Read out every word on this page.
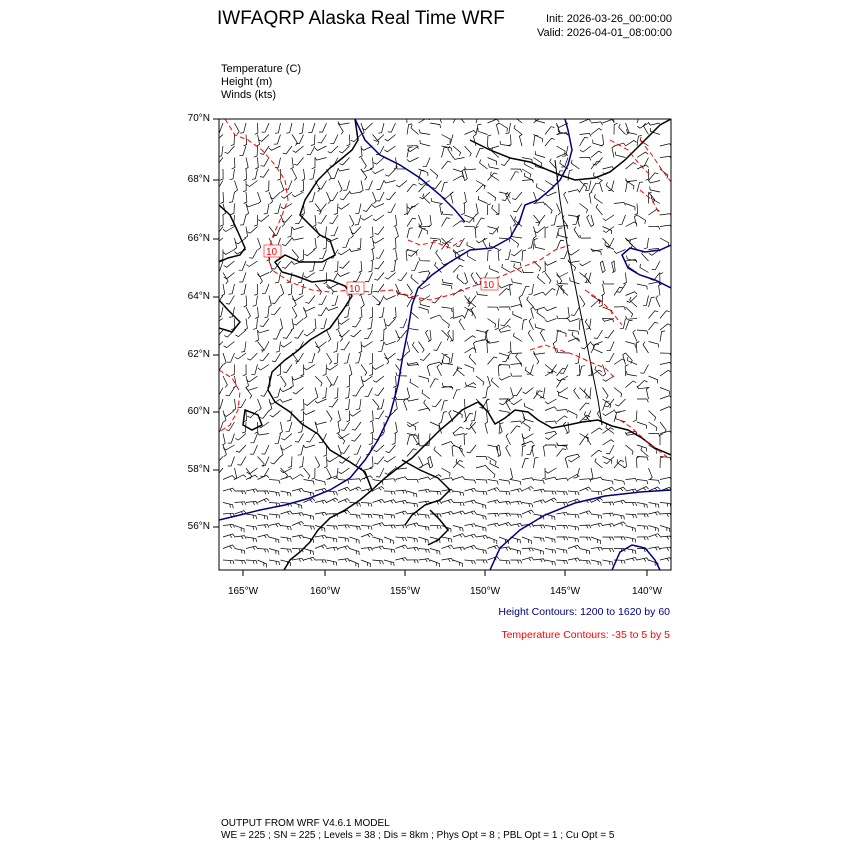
IWFAQRP Alaska Real Time WRF	Init: 2026-03-26_00:00:00
Valid: 2026-04-01_08:00:00
Temperature (C)
Height (m)
Winds (kts)
10
10	10
70°N
68°N
66°N
64°N
62°N
60°N
58°N
56°N
165°W	160°W	155°W	150°W	145°W	140°W
Height Contours: 1200 to 1620 by 60
Temperature Contours: -35 to 5 by 5
OUTPUT FROM WRF V4.6.1 MODEL
WE = 225 ; SN = 225 ; Levels = 38 ; Dis = 8km ; Phys Opt = 8 ; PBL Opt = 1 ; Cu Opt = 5
